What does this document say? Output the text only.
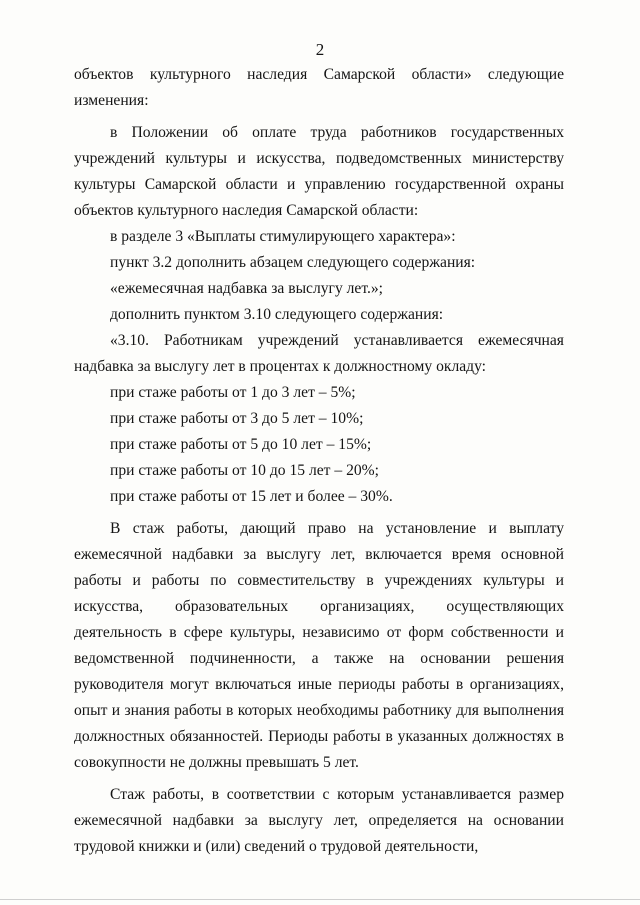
2

объектов культурного наследия Самарской области» следующие изменения:

в Положении об оплате труда работников государственных учреждений культуры и искусства, подведомственных министерству культуры Самарской области и управлению государственной охраны объектов культурного наследия Самарской области:

в разделе 3 «Выплаты стимулирующего характера»:

пункт 3.2 дополнить абзацем следующего содержания:

«ежемесячная надбавка за выслугу лет.»;

дополнить пунктом 3.10 следующего содержания:

«3.10. Работникам учреждений устанавливается ежемесячная надбавка за выслугу лет в процентах к должностному окладу:

при стаже работы от 1 до 3 лет – 5%;

при стаже работы от 3 до 5 лет – 10%;

при стаже работы от 5 до 10 лет – 15%;

при стаже работы от 10 до 15 лет – 20%;

при стаже работы от 15 лет и более – 30%.

В стаж работы, дающий право на установление и выплату ежемесячной надбавки за выслугу лет, включается время основной работы и работы по совместительству в учреждениях культуры и искусства, образовательных организациях, осуществляющих деятельность в сфере культуры, независимо от форм собственности и ведомственной подчиненности, а также на основании решения руководителя могут включаться иные периоды работы в организациях, опыт и знания работы в которых необходимы работнику для выполнения должностных обязанностей. Периоды работы в указанных должностях в совокупности не должны превышать 5 лет.

Стаж работы, в соответствии с которым устанавливается размер ежемесячной надбавки за выслугу лет, определяется на основании трудовой книжки и (или) сведений о трудовой деятельности,
